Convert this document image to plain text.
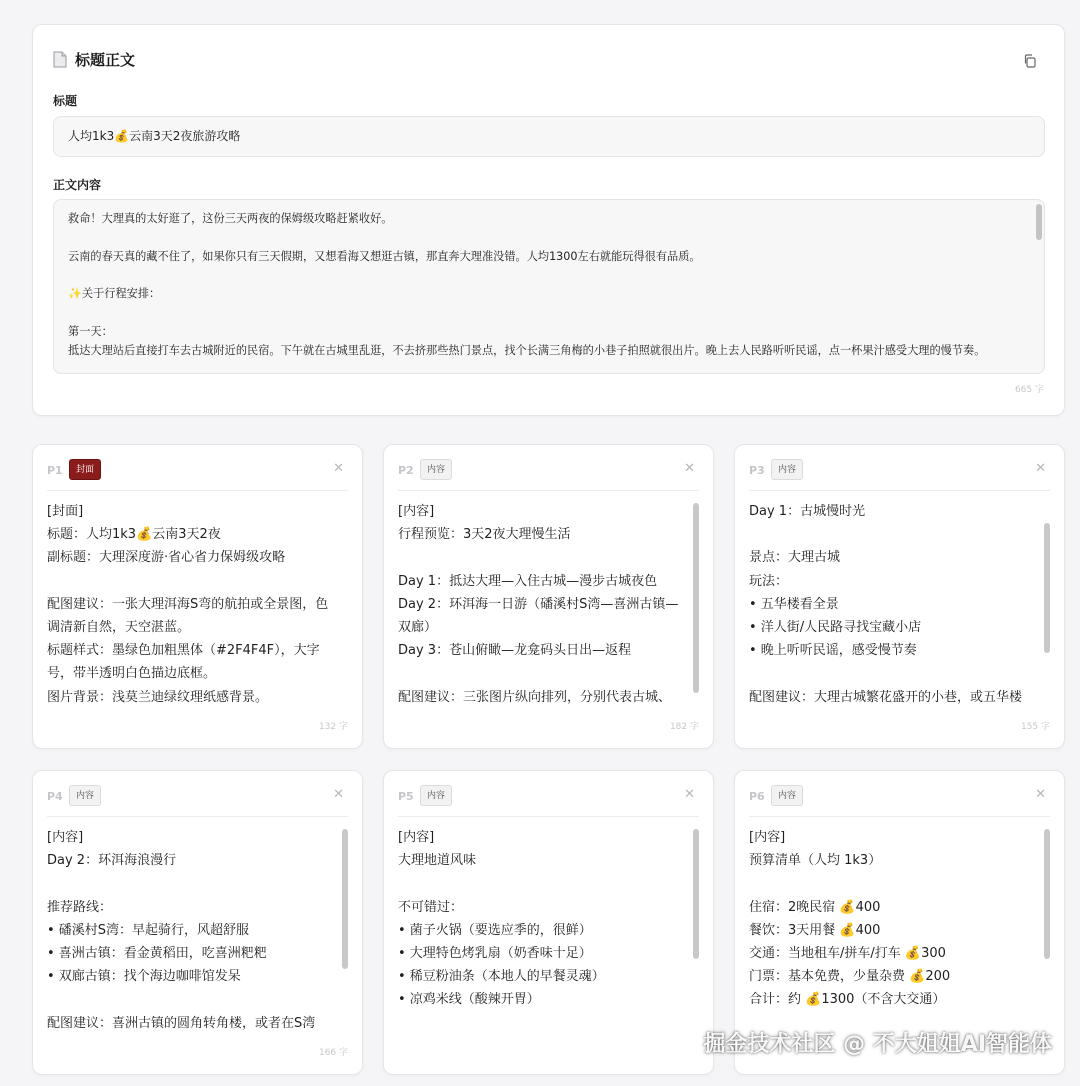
标题正文
标题
人均1k3💰云南3天2夜旅游攻略
正文内容

救命！大理真的太好逛了，这份三天两夜的保姆级攻略赶紧收好。

云南的春天真的藏不住了，如果你只有三天假期，又想看海又想逛古镇，那直奔大理准没错。人均1300左右就能玩得很有品质。

✨关于行程安排：

第一天：

抵达大理站后直接打车去古城附近的民宿。下午就在古城里乱逛，不去挤那些热门景点，找个长满三角梅的小巷子拍照就很出片。晚上去人民路听听民谣，点一杯果汁感受大理的慢节奏。

665 字
P1	封面	✕

[封面]

标题：人均1k3💰云南3天2夜

副标题：大理深度游·省心省力保姆级攻略

配图建议：一张大理洱海S弯的航拍或全景图，色调清新自然，天空湛蓝。

标题样式：墨绿色加粗黑体（#2F4F4F），大字号，带半透明白色描边底框。

图片背景：浅莫兰迪绿纹理纸感背景。

132 字
P2	内容	✕

[内容]

行程预览：3天2夜大理慢生活

Day 1：抵达大理—入住古城—漫步古城夜色

Day 2：环洱海一日游（磻溪村S湾—喜洲古镇—双廊）

Day 3：苍山俯瞰—龙龛码头日出—返程

配图建议：三张图片纵向排列，分别代表古城、

182 字
P3	内容	✕

Day 1：古城慢时光

景点：大理古城

玩法：

• 五华楼看全景

• 洋人街/人民路寻找宝藏小店

• 晚上听听民谣，感受慢节奏

配图建议：大理古城繁花盛开的小巷，或五华楼

155 字
P4	内容	✕

[内容]

Day 2：环洱海浪漫行

推荐路线：

• 磻溪村S湾：早起骑行，风超舒服

• 喜洲古镇：看金黄稻田，吃喜洲粑粑

• 双廊古镇：找个海边咖啡馆发呆

配图建议：喜洲古镇的圆角转角楼，或者在S湾

166 字
P5	内容	✕

[内容]

大理地道风味

不可错过：

• 菌子火锅（要选应季的，很鲜）

• 大理特色烤乳扇（奶香味十足）

• 稀豆粉油条（本地人的早餐灵魂）

• 凉鸡米线（酸辣开胃）

P6	内容	✕

[内容]

预算清单（人均 1k3）

住宿：2晚民宿 💰400

餐饮：3天用餐 💰400

交通：当地租车/拼车/打车 💰300

门票：基本免费，少量杂费 💰200

合计：约 💰1300（不含大交通）

掘金技术社区 @ 不大姐姐AI智能体
